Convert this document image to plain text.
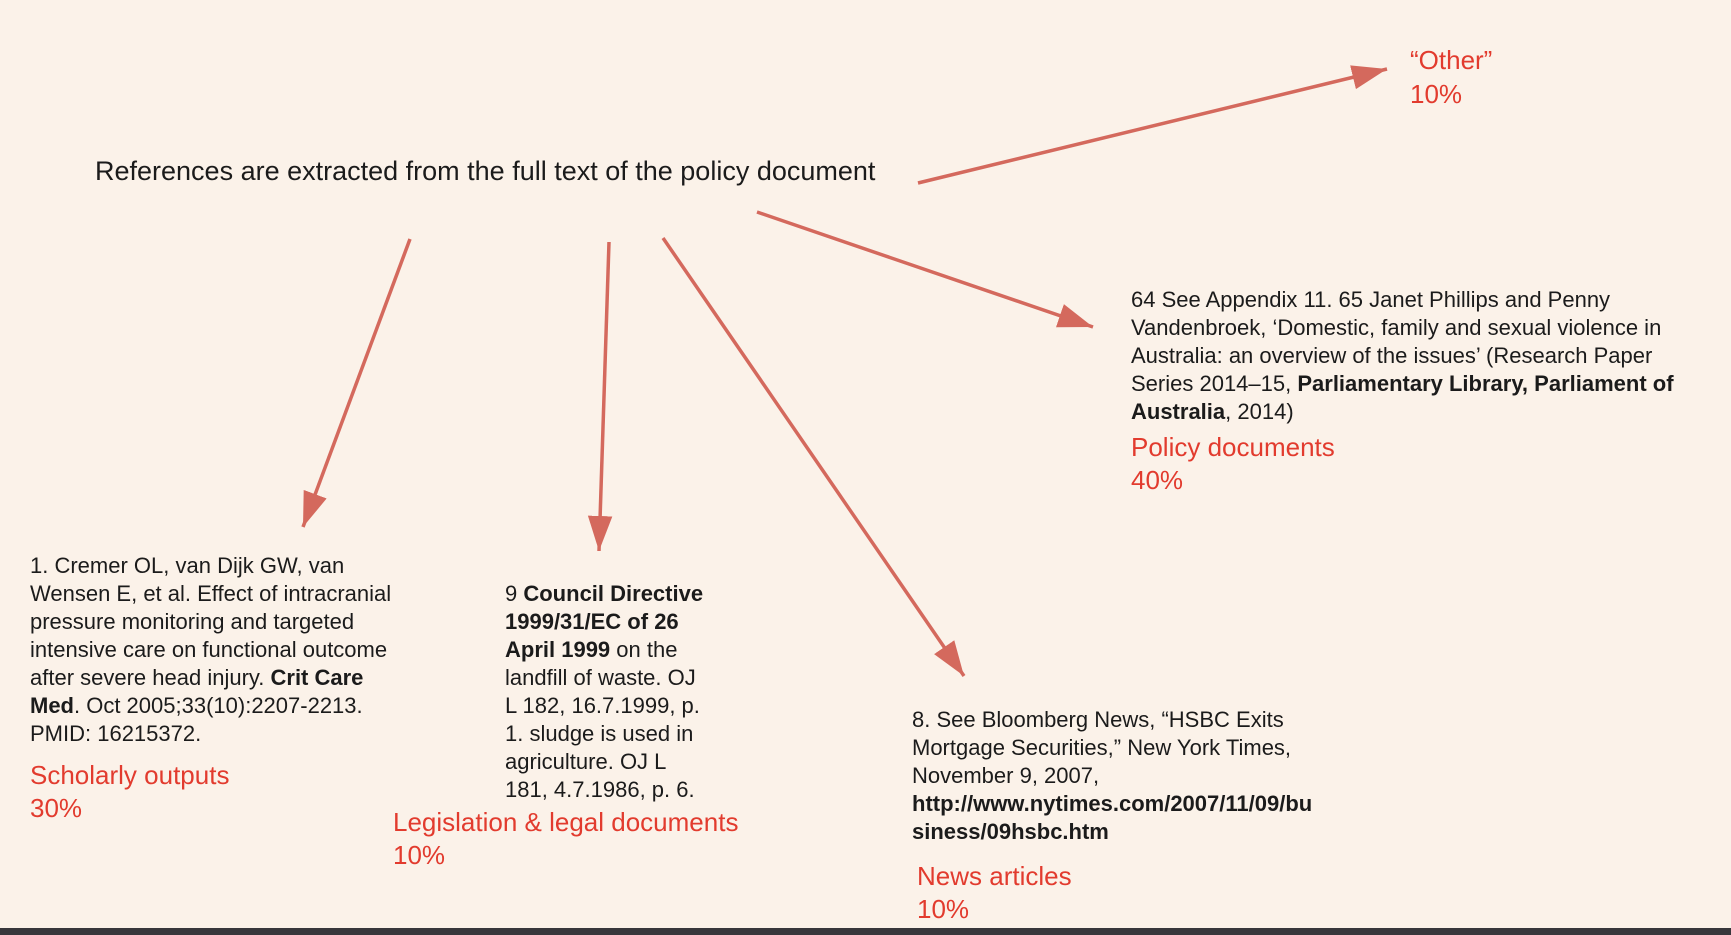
References are extracted from the full text of the policy document
“Other”
10%
64 See Appendix 11. 65 Janet Phillips and Penny
Vandenbroek, ‘Domestic, family and sexual violence in
Australia: an overview of the issues’ (Research Paper
Series 2014–15, Parliamentary Library, Parliament of
Australia, 2014)
Policy documents
40%
1. Cremer OL, van Dijk GW, van
Wensen E, et al. Effect of intracranial
pressure monitoring and targeted
intensive care on functional outcome
after severe head injury. Crit Care
Med. Oct 2005;33(10):2207-2213.
PMID: 16215372.
Scholarly outputs
30%
9 Council Directive
1999/31/EC of 26
April 1999 on the
landfill of waste. OJ
L 182, 16.7.1999, p.
1. sludge is used in
agriculture. OJ L
181, 4.7.1986, p. 6.
Legislation & legal documents
10%
8. See Bloomberg News, “HSBC Exits
Mortgage Securities,” New York Times,
November 9, 2007,
http://www.nytimes.com/2007/11/09/bu
siness/09hsbc.htm
News articles
10%
